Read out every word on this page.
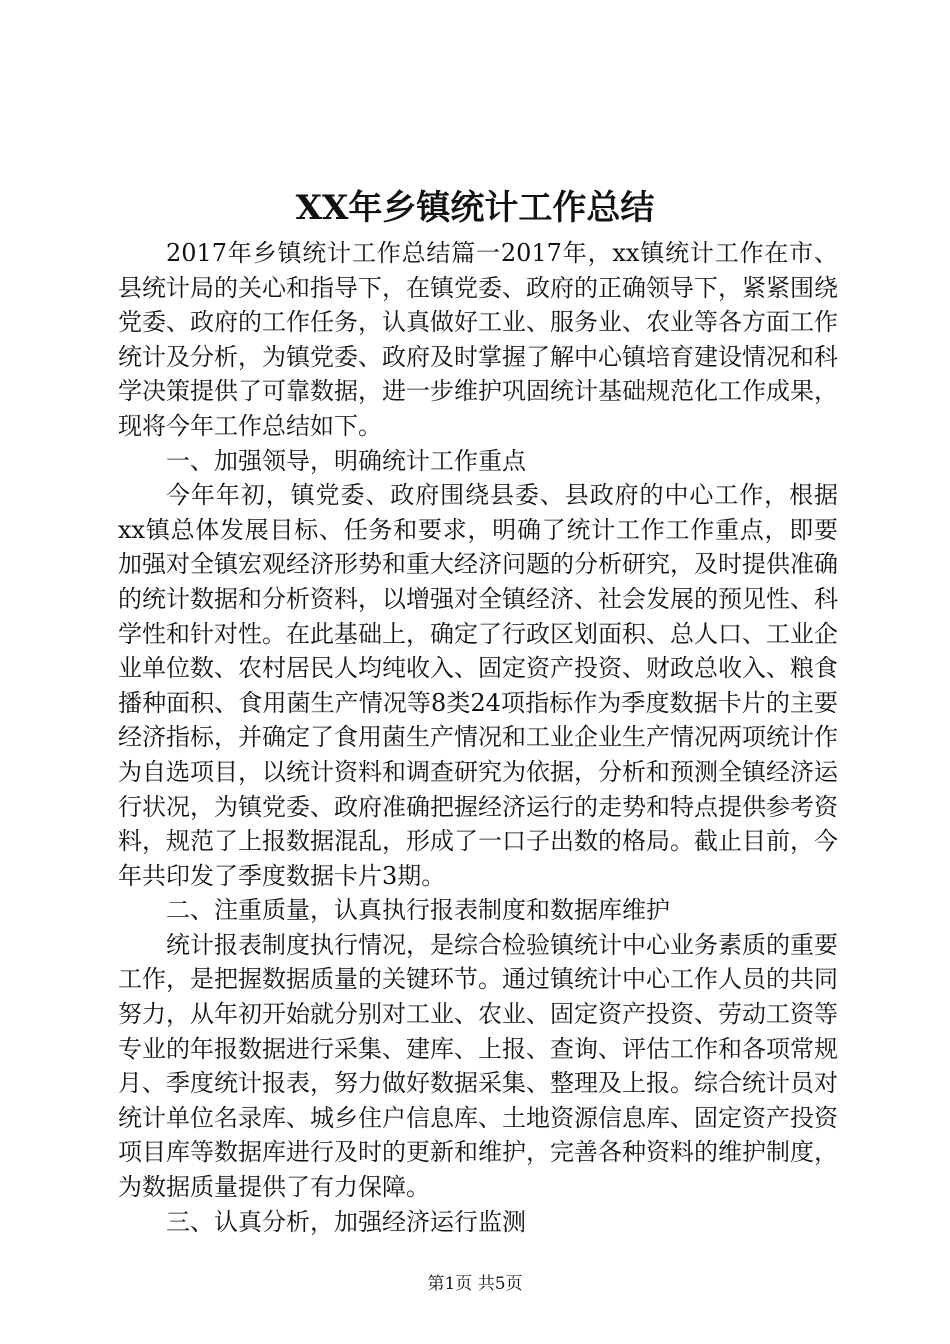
XX年乡镇统计工作总结

2017年乡镇统计工作总结篇一2017年，xx镇统计工作在市、县统计局的关心和指导下，在镇党委、政府的正确领导下，紧紧围绕党委、政府的工作任务，认真做好工业、服务业、农业等各方面工作统计及分析，为镇党委、政府及时掌握了解中心镇培育建设情况和科学决策提供了可靠数据，进一步维护巩固统计基础规范化工作成果，现将今年工作总结如下。

一、加强领导，明确统计工作重点

今年年初，镇党委、政府围绕县委、县政府的中心工作，根据xx镇总体发展目标、任务和要求，明确了统计工作工作重点，即要加强对全镇宏观经济形势和重大经济问题的分析研究，及时提供准确的统计数据和分析资料，以增强对全镇经济、社会发展的预见性、科学性和针对性。在此基础上，确定了行政区划面积、总人口、工业企业单位数、农村居民人均纯收入、固定资产投资、财政总收入、粮食播种面积、食用菌生产情况等8类24项指标作为季度数据卡片的主要经济指标，并确定了食用菌生产情况和工业企业生产情况两项统计作为自选项目，以统计资料和调查研究为依据，分析和预测全镇经济运行状况，为镇党委、政府准确把握经济运行的走势和特点提供参考资料，规范了上报数据混乱，形成了一口子出数的格局。截止目前，今年共印发了季度数据卡片3期。

二、注重质量，认真执行报表制度和数据库维护

统计报表制度执行情况，是综合检验镇统计中心业务素质的重要工作，是把握数据质量的关键环节。通过镇统计中心工作人员的共同努力，从年初开始就分别对工业、农业、固定资产投资、劳动工资等专业的年报数据进行采集、建库、上报、查询、评估工作和各项常规月、季度统计报表，努力做好数据采集、整理及上报。综合统计员对统计单位名录库、城乡住户信息库、土地资源信息库、固定资产投资项目库等数据库进行及时的更新和维护，完善各种资料的维护制度，为数据质量提供了有力保障。

三、认真分析，加强经济运行监测

第1页 共5页
